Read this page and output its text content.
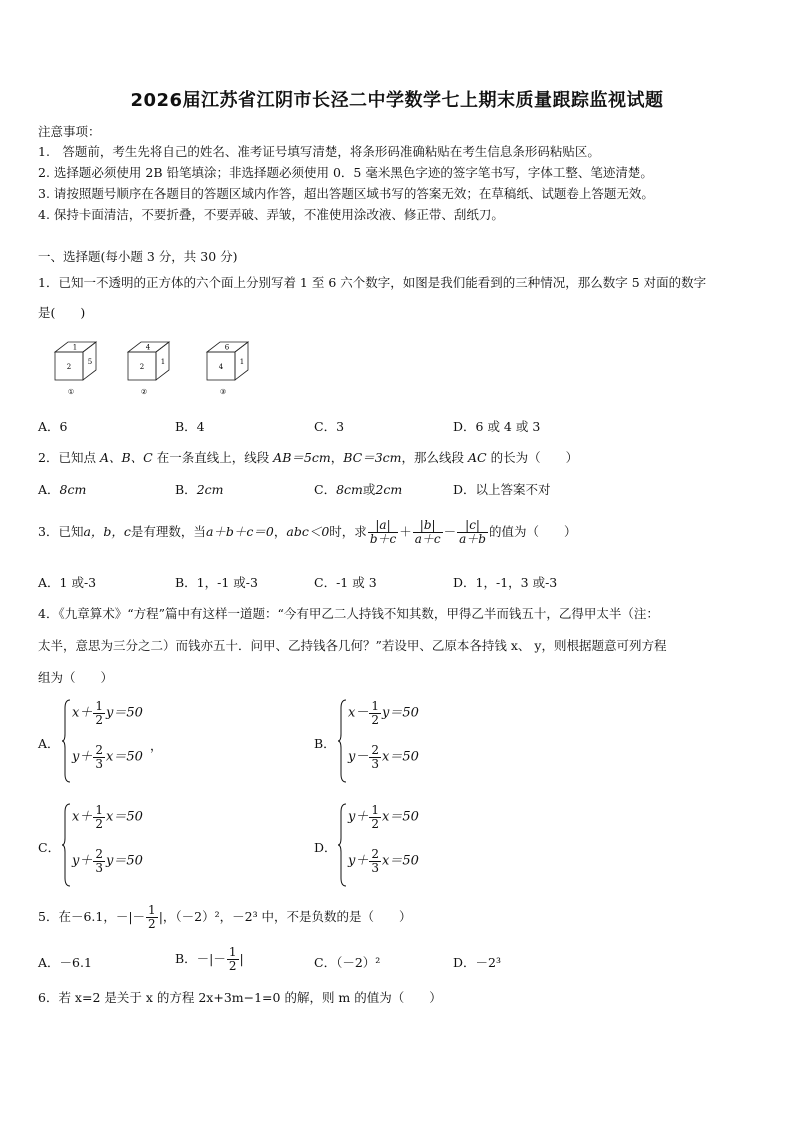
2026届江苏省江阴市长泾二中学数学七上期末质量跟踪监视试题
注意事项：
1.　答题前，考生先将自己的姓名、准考证号填写清楚，将条形码准确粘贴在考生信息条形码粘贴区。
2. 选择题必须使用 2B 铅笔填涂；非选择题必须使用 0．5 毫米黑色字迹的签字笔书写，字体工整、笔迹清楚。
3. 请按照题号顺序在各题目的答题区域内作答，超出答题区域书写的答案无效；在草稿纸、试题卷上答题无效。
4. 保持卡面清洁，不要折叠，不要弄破、弄皱，不准使用涂改液、修正带、刮纸刀。
一、选择题(每小题 3 分，共 30 分)
1．已知一不透明的正方体的六个面上分别写着 1 至 6 六个数字，如图是我们能看到的三种情况，那么数字 5 对面的数字
是(　　)
1
2
5
①
4
2
1
②
6
4
1
③
A．6	B．4	C．3	D．6 或 4 或 3
2．已知点 A、B、C 在一条直线上，线段 AB＝5cm，BC＝3cm，那么线段 AC 的长为（　　）
A．8cm	B．2cm	C．8cm或2cm	D．以上答案不对
3．已知a，b，c是有理数，当a＋b＋c＝0，abc＜0时，求 $\frac{|a|}{b+c} + \frac{|b|}{a+c} - \frac{|c|}{a+b}$ 的值为（　　）
A．1 或-3	B．1，-1 或-3	C．-1 或 3	D．1，-1，3 或-3
4．《九章算术》“方程”篇中有这样一道题：“今有甲乙二人持钱不知其数，甲得乙半而钱五十，乙得甲太半（注：
太半，意思为三分之二）而钱亦五十．问甲、乙持钱各几何？”若设甲、乙原本各持钱 x、 y，则根据题意可列方程
组为（　　）
A．
$x+ \frac{1}{2} y=50$
$y+ \frac{2}{3} x=50$
，	B．
$x- \frac{1}{2} y=50$
$y- \frac{2}{3} x=50$
C．
$x+ \frac{1}{2} x=50$
$y+ \frac{2}{3} y=50$
D．
$y+ \frac{1}{2} x=50$
$y+ \frac{2}{3} x=50$
5．在－6.1，－|－ $\frac{1}{2}$ |，（－2）²，－2³ 中，不是负数的是（　　）
A．－6.1	B．－|－ $\frac{1}{2}$ |	C．（－2）²	D．－2³
6．若 x=2 是关于 x 的方程 2x+3m−1=0 的解，则 m 的值为（　　）
